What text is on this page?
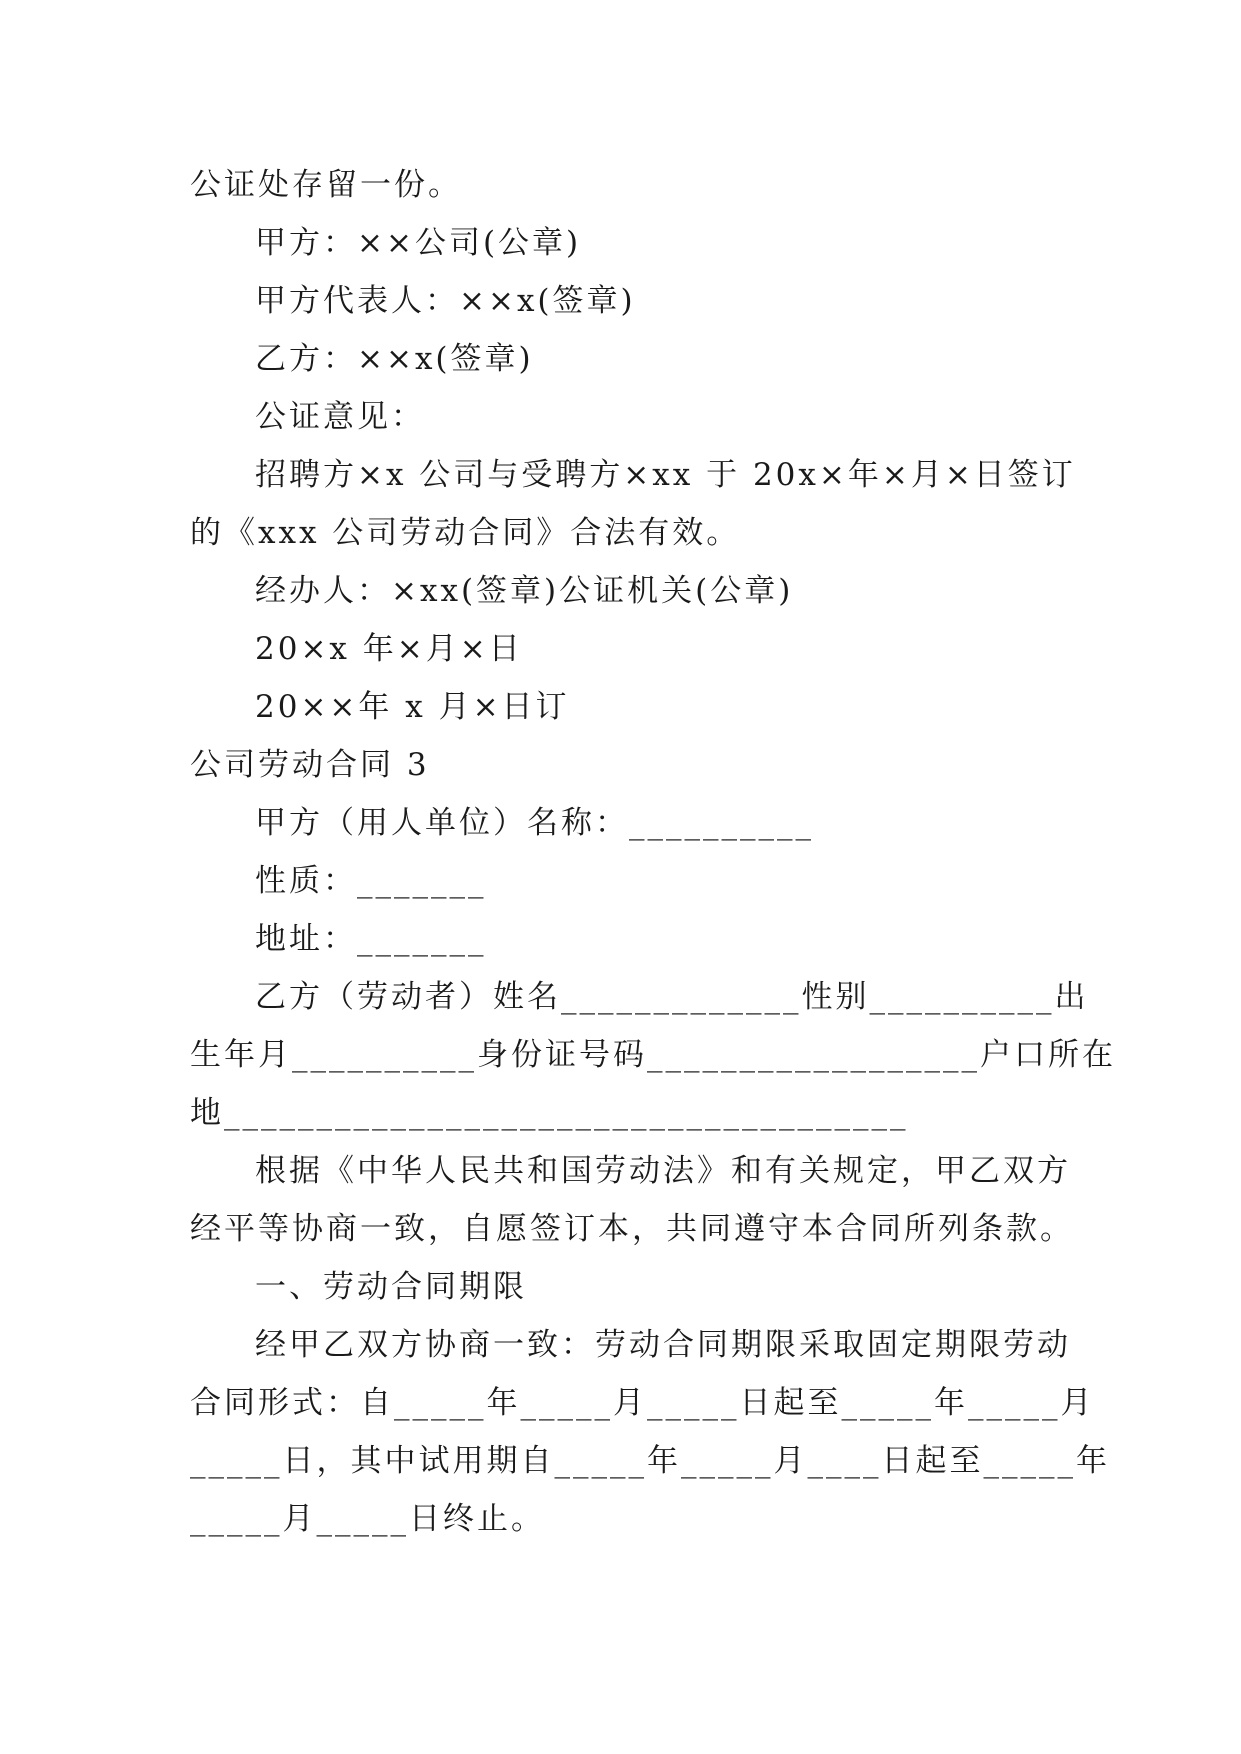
公证处存留一份。
甲方：××公司(公章)
甲方代表人：××x(签章)
乙方：××x(签章)
公证意见：
招聘方×x 公司与受聘方×xx 于 20x×年×月×日签订
的《xxx 公司劳动合同》合法有效。
经办人：×xx(签章)公证机关(公章)
20×x 年×月×日
20××年 x 月×日订
公司劳动合同 3
甲方（用人单位）名称：__________
性质：_______
地址：_______
乙方（劳动者）姓名_____________性别__________出
生年月__________身份证号码__________________户口所在
地_____________________________________
根据《中华人民共和国劳动法》和有关规定，甲乙双方
经平等协商一致，自愿签订本，共同遵守本合同所列条款。
一、劳动合同期限
经甲乙双方协商一致：劳动合同期限采取固定期限劳动
合同形式：自_____年_____月_____日起至_____年_____月
_____日，其中试用期自_____年_____月____日起至_____年
_____月_____日终止。
